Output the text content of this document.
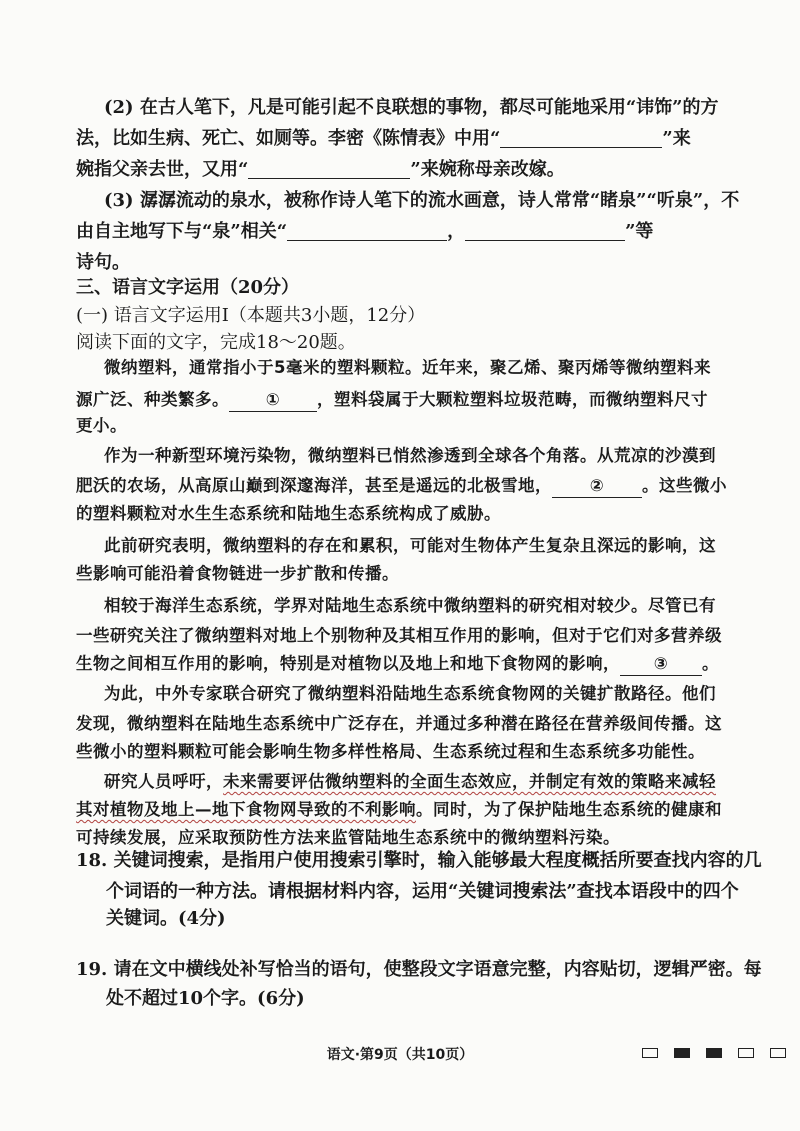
(2) 在古人笔下，凡是可能引起不良联想的事物，都尽可能地采用“讳饰”的方
法，比如生病、死亡、如厕等。李密《陈情表》中用“	”来
婉指父亲去世，又用“	”来婉称母亲改嫁。
(3) 潺潺流动的泉水，被称作诗人笔下的流水画意，诗人常常“睹泉”“听泉”，不
由自主地写下与“泉”相关“	，	”等
诗句。
三、语言文字运用（20分）
(一) 语言文字运用Ⅰ（本题共3小题，12分）
阅读下面的文字，完成18～20题。
微纳塑料，通常指小于5毫米的塑料颗粒。近年来，聚乙烯、聚丙烯等微纳塑料来
源广泛、种类繁多。 ① ，塑料袋属于大颗粒塑料垃圾范畴，而微纳塑料尺寸
更小。
作为一种新型环境污染物，微纳塑料已悄然渗透到全球各个角落。从荒凉的沙漠到
肥沃的农场，从高原山巅到深邃海洋，甚至是遥远的北极雪地， ② 。这些微小
的塑料颗粒对水生生态系统和陆地生态系统构成了威胁。
此前研究表明，微纳塑料的存在和累积，可能对生物体产生复杂且深远的影响，这
些影响可能沿着食物链进一步扩散和传播。
相较于海洋生态系统，学界对陆地生态系统中微纳塑料的研究相对较少。尽管已有
一些研究关注了微纳塑料对地上个别物种及其相互作用的影响，但对于它们对多营养级
生物之间相互作用的影响，特别是对植物以及地上和地下食物网的影响， ③ 。
为此，中外专家联合研究了微纳塑料沿陆地生态系统食物网的关键扩散路径。他们
发现，微纳塑料在陆地生态系统中广泛存在，并通过多种潜在路径在营养级间传播。这
些微小的塑料颗粒可能会影响生物多样性格局、生态系统过程和生态系统多功能性。
研究人员呼吁，未来需要评估微纳塑料的全面生态效应，并制定有效的策略来减轻
其对植物及地上—地下食物网导致的不利影响。同时，为了保护陆地生态系统的健康和
可持续发展，应采取预防性方法来监管陆地生态系统中的微纳塑料污染。
18. 关键词搜索，是指用户使用搜索引擎时，输入能够最大程度概括所要查找内容的几
个词语的一种方法。请根据材料内容，运用“关键词搜索法”查找本语段中的四个
关键词。(4分)
19. 请在文中横线处补写恰当的语句，使整段文字语意完整，内容贴切，逻辑严密。每
处不超过10个字。(6分)
语文·第9页（共10页）
